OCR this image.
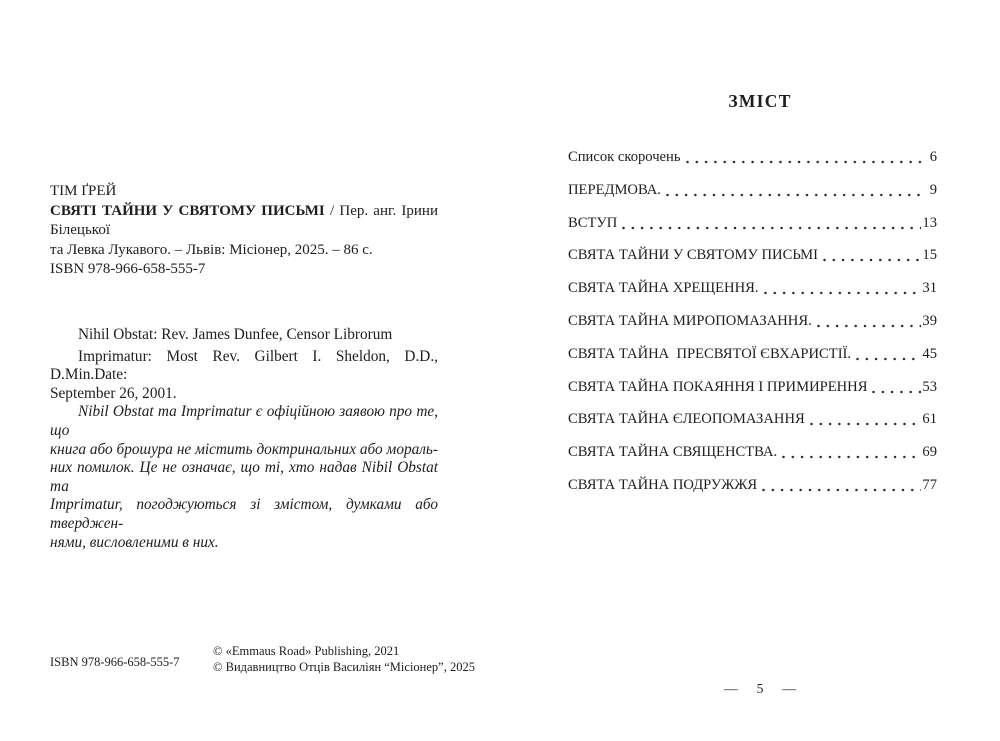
ТІМ ҐРЕЙ
СВЯТІ ТАЙНИ У СВЯТОМУ ПИСЬМІ / Пер. анг. Ірини Білецької
та Левка Лукавого. – Львів: Місіонер, 2025. – 86 с.
ISBN 978-966-658-555-7
Nihil Obstat: Rev. James Dunfee, Censor Librorum
Imprimatur: Most Rev. Gilbert I. Sheldon, D.D., D.Min.Date:
September 26, 2001.
Nibil Obstat та Imprimatur є офіційною заявою про те, що
книга або брошура не містить доктринальних або мораль-
них помилок. Це не означає, що ті, хто надав Nibil Obstat та
Imprimatur, погоджуються зі змістом, думками або тверджен-
нями, висловленими в них.
ISBN 978-966-658-555-7
© «Emmaus Road» Publishing, 2021
© Видавництво Отців Василіян “Місіонер”, 2025
ЗМІСТ
Список скорочень	6
ПЕРЕДМОВА.	9
ВСТУП	13
СВЯТА ТАЙНИ У СВЯТОМУ ПИСЬМІ	15
СВЯТА ТАЙНА ХРЕЩЕННЯ.	31
СВЯТА ТАЙНА МИРОПОМАЗАННЯ.	39
СВЯТА ТАЙНА  ПРЕСВЯТОЇ ЄВХАРИСТІЇ.	45
СВЯТА ТАЙНА ПОКАЯННЯ І ПРИМИРЕННЯ	53
СВЯТА ТАЙНА ЄЛЕОПОМАЗАННЯ	61
СВЯТА ТАЙНА СВЯЩЕНСТВА.	69
СВЯТА ТАЙНА ПОДРУЖЖЯ	77
— 5 —
